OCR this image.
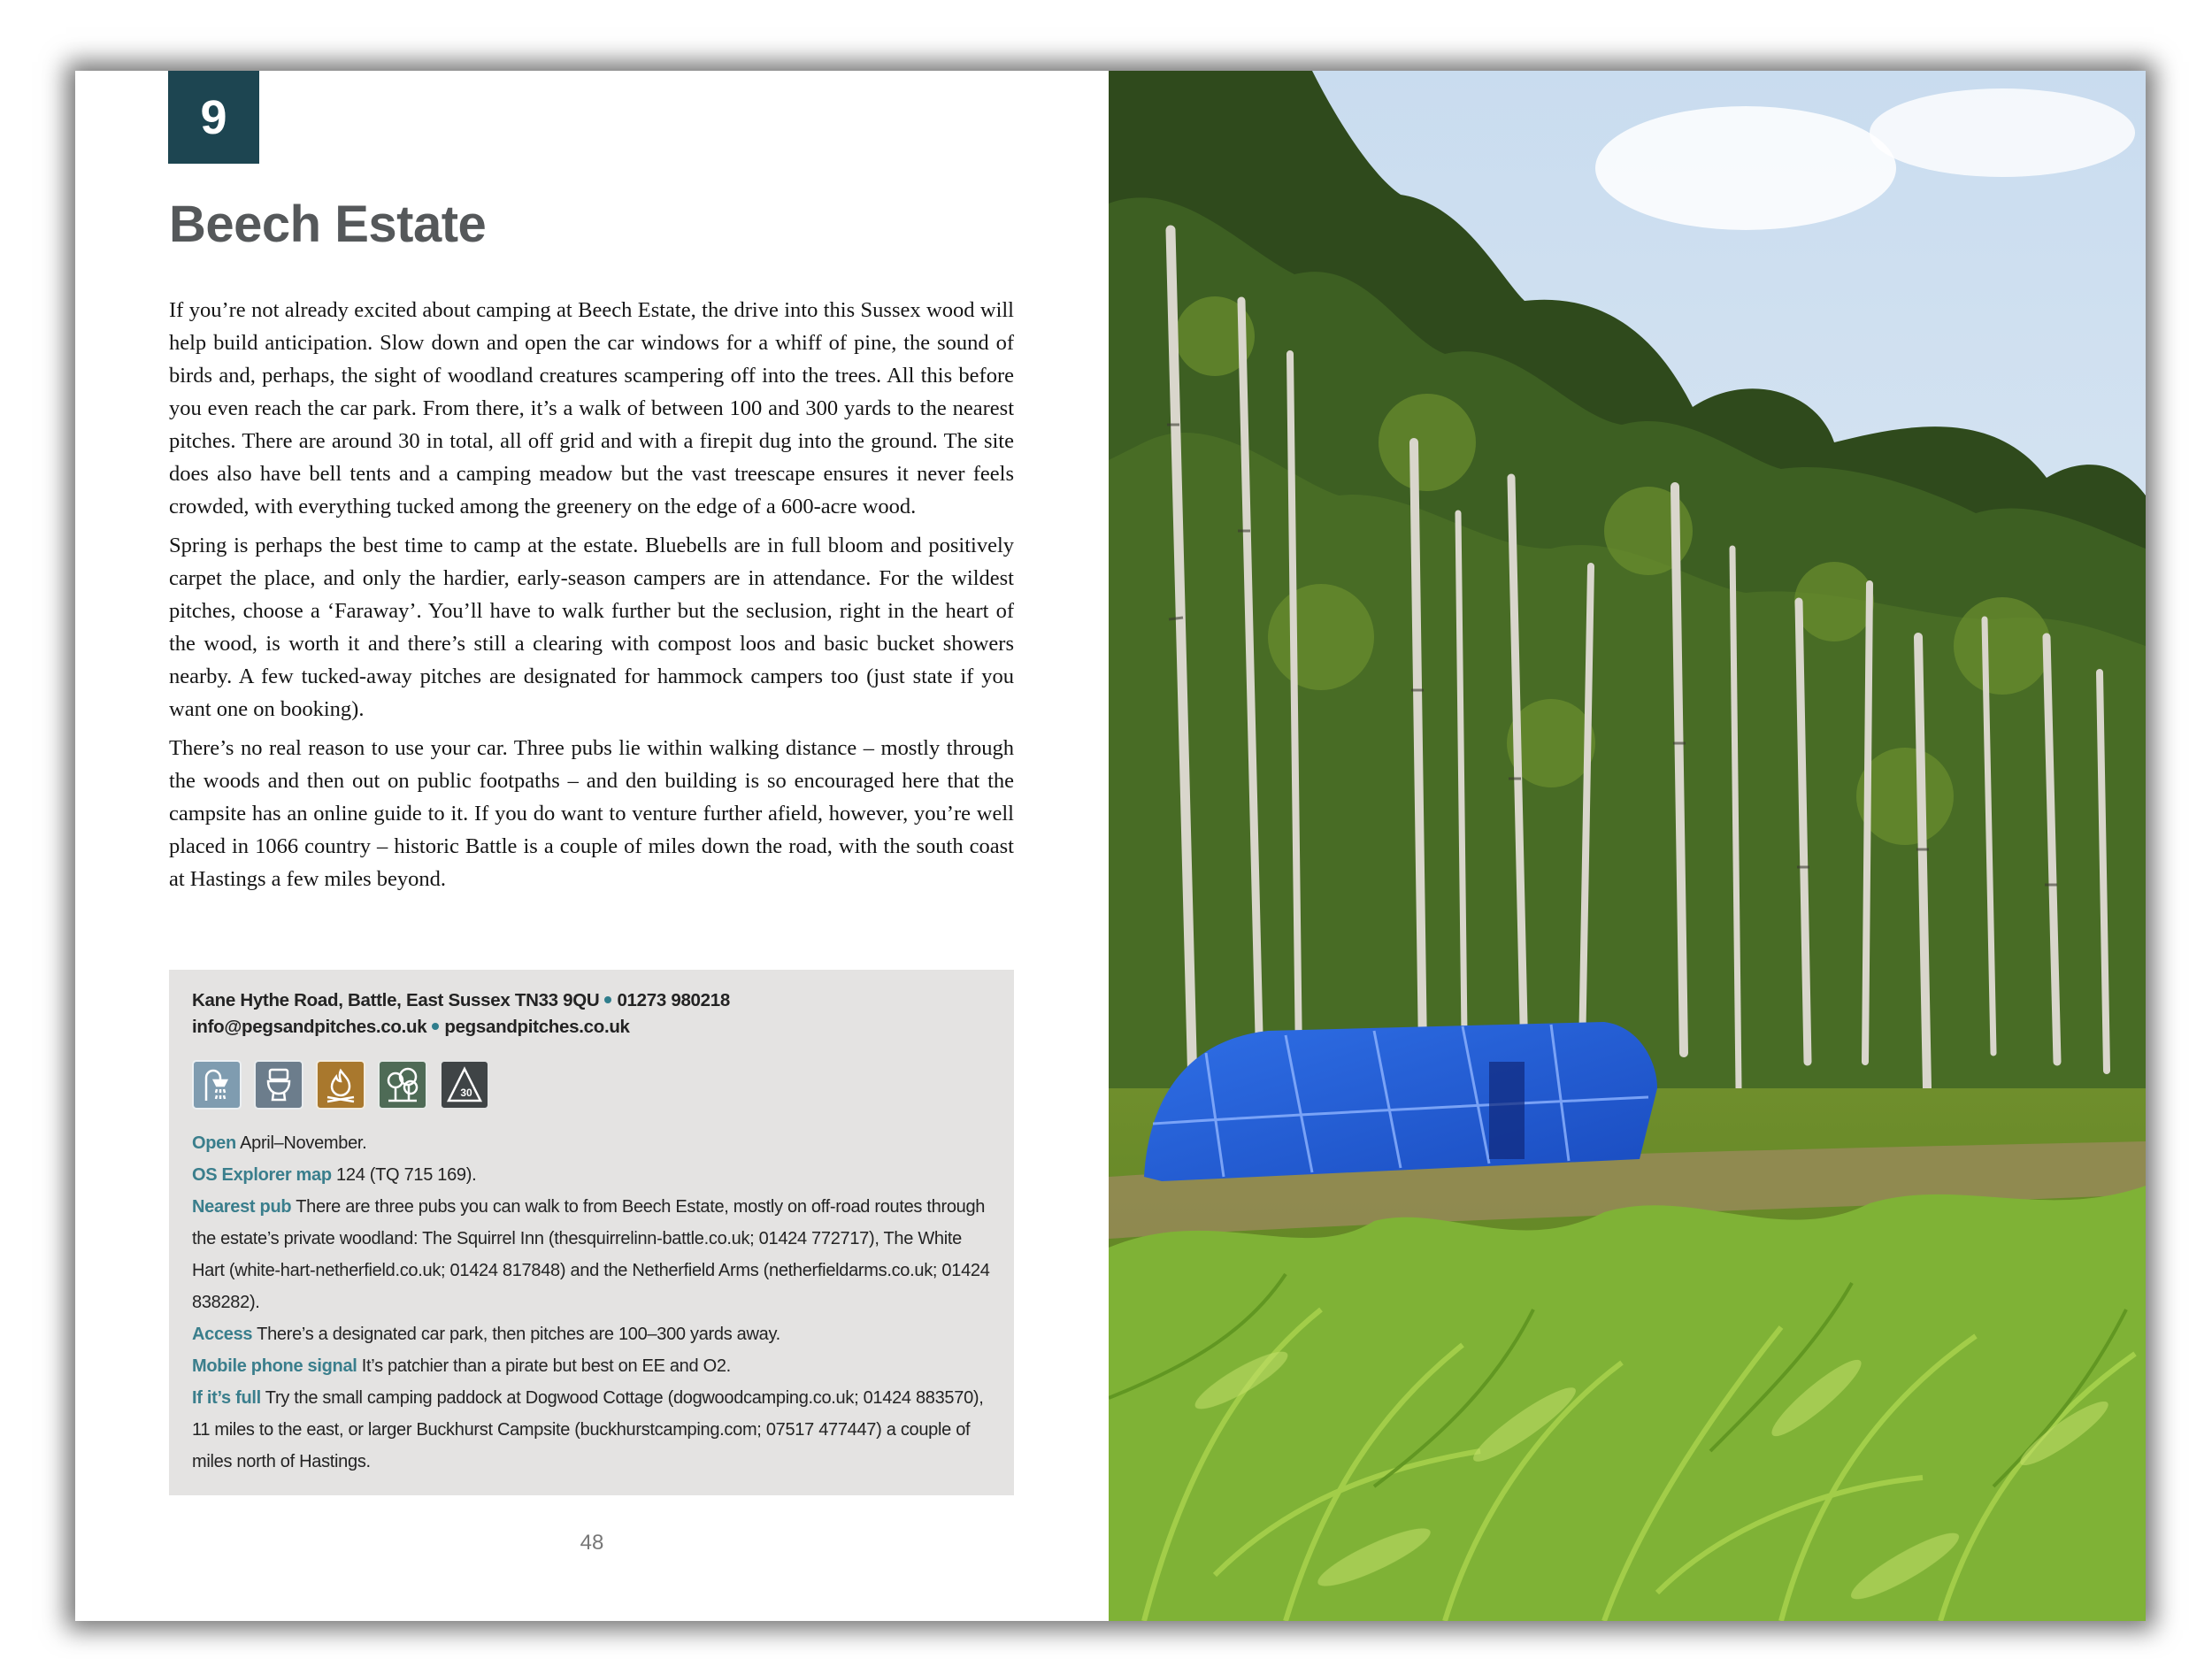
9
Beech Estate

If you’re not already excited about camping at Beech Estate, the drive into this Sussex wood will help build anticipation. Slow down and open the car windows for a whiff of pine, the sound of birds and, perhaps, the sight of woodland creatures scampering off into the trees. All this before you even reach the car park. From there, it’s a walk of between 100 and 300 yards to the nearest pitches. There are around 30 in total, all off grid and with a firepit dug into the ground. The site does also have bell tents and a camping meadow but the vast treescape ensures it never feels crowded, with everything tucked among the greenery on the edge of a 600-acre wood.

Spring is perhaps the best time to camp at the estate. Bluebells are in full bloom and positively carpet the place, and only the hardier, early-season campers are in attendance. For the wildest pitches, choose a ‘Faraway’. You’ll have to walk further but the seclusion, right in the heart of the wood, is worth it and there’s still a clearing with compost loos and basic bucket showers nearby. A few tucked-away pitches are designated for hammock campers too (just state if you want one on booking).

There’s no real reason to use your car. Three pubs lie within walking distance – mostly through the woods and then out on public footpaths – and den building is so encouraged here that the campsite has an online guide to it. If you do want to venture further afield, however, you’re well placed in 1066 country – historic Battle is a couple of miles down the road, with the south coast at Hastings a few miles beyond.

Kane Hythe Road, Battle, East Sussex TN33 9QU 01273 980218
info@pegsandpitches.co.uk pegsandpitches.co.uk
30

Open April–November.

OS Explorer map 124 (TQ 715 169).

Nearest pub There are three pubs you can walk to from Beech Estate, mostly on off-road routes through the estate’s private woodland: The Squirrel Inn (thesquirrelinn-battle.co.uk; 01424 772717), The White Hart (white-hart-netherfield.co.uk; 01424 817848) and the Netherfield Arms (netherfieldarms.co.uk; 01424 838282).

Access There’s a designated car park, then pitches are 100–300 yards away.

Mobile phone signal It’s patchier than a pirate but best on EE and O2.

If it’s full Try the small camping paddock at Dogwood Cottage (dogwoodcamping.co.uk; 01424 883570), 11 miles to the east, or larger Buckhurst Campsite (buckhurstcamping.com; 07517 477447) a couple of miles north of Hastings.

48
